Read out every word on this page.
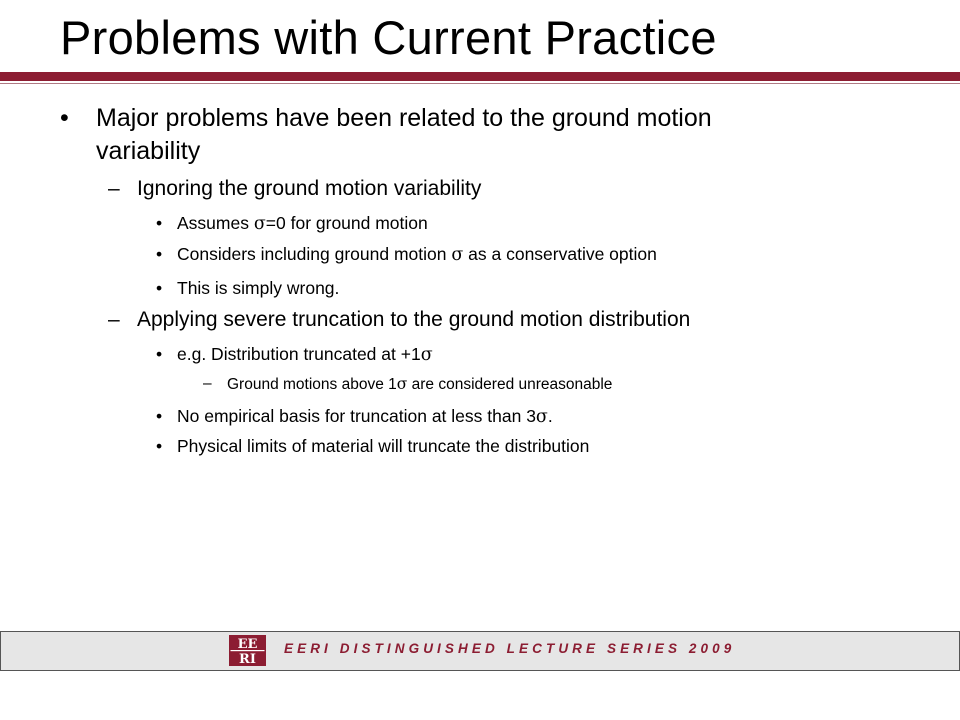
Problems with Current Practice
• Major problems have been related to the ground motion
variability
– Ignoring the ground motion variability
• Assumes σ=0 for ground motion
• Considers including ground motion σ as a conservative option
• This is simply wrong.
– Applying severe truncation to the ground motion distribution
• e.g. Distribution truncated at +1σ
– Ground motions above 1σ are considered unreasonable
• No empirical basis for truncation at less than 3σ.
• Physical limits of material will truncate the distribution
EE
RI
EERI DISTINGUISHED LECTURE SERIES 2009
